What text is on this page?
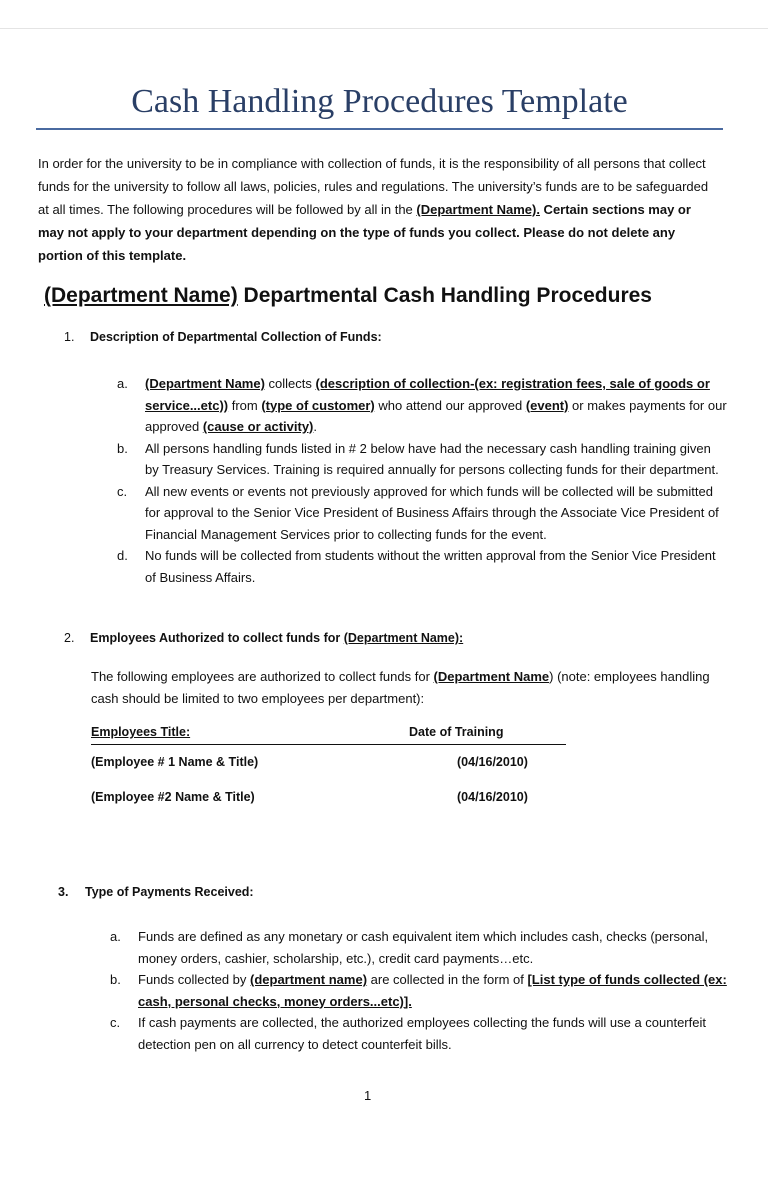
Cash Handling Procedures Template
In order for the university to be in compliance with collection of funds, it is the responsibility of all persons that collect funds for the university to follow all laws, policies, rules and regulations. The university’s funds are to be safeguarded at all times. The following procedures will be followed by all in the (Department Name). Certain sections may or may not apply to your department depending on the type of funds you collect. Please do not delete any portion of this template.
(Department Name) Departmental Cash Handling Procedures
1. Description of Departmental Collection of Funds:
a. (Department Name) collects (description of collection-(ex: registration fees, sale of goods or service...etc)) from (type of customer) who attend our approved (event) or makes payments for our approved (cause or activity).
b. All persons handling funds listed in # 2 below have had the necessary cash handling training given by Treasury Services. Training is required annually for persons collecting funds for their department.
c. All new events or events not previously approved for which funds will be collected will be submitted for approval to the Senior Vice President of Business Affairs through the Associate Vice President of Financial Management Services prior to collecting funds for the event.
d. No funds will be collected from students without the written approval from the Senior Vice President of Business Affairs.
2. Employees Authorized to collect funds for (Department Name):
The following employees are authorized to collect funds for (Department Name) (note: employees handling cash should be limited to two employees per department):
Employees Title:	Date of Training
(Employee # 1 Name & Title)	(04/16/2010)
(Employee #2 Name & Title)	(04/16/2010)
3. Type of Payments Received:
a. Funds are defined as any monetary or cash equivalent item which includes cash, checks (personal, money orders, cashier, scholarship, etc.), credit card payments…etc.
b. Funds collected by (department name) are collected in the form of [List type of funds collected (ex: cash, personal checks, money orders...etc)].
c. If cash payments are collected, the authorized employees collecting the funds will use a counterfeit detection pen on all currency to detect counterfeit bills.
1
